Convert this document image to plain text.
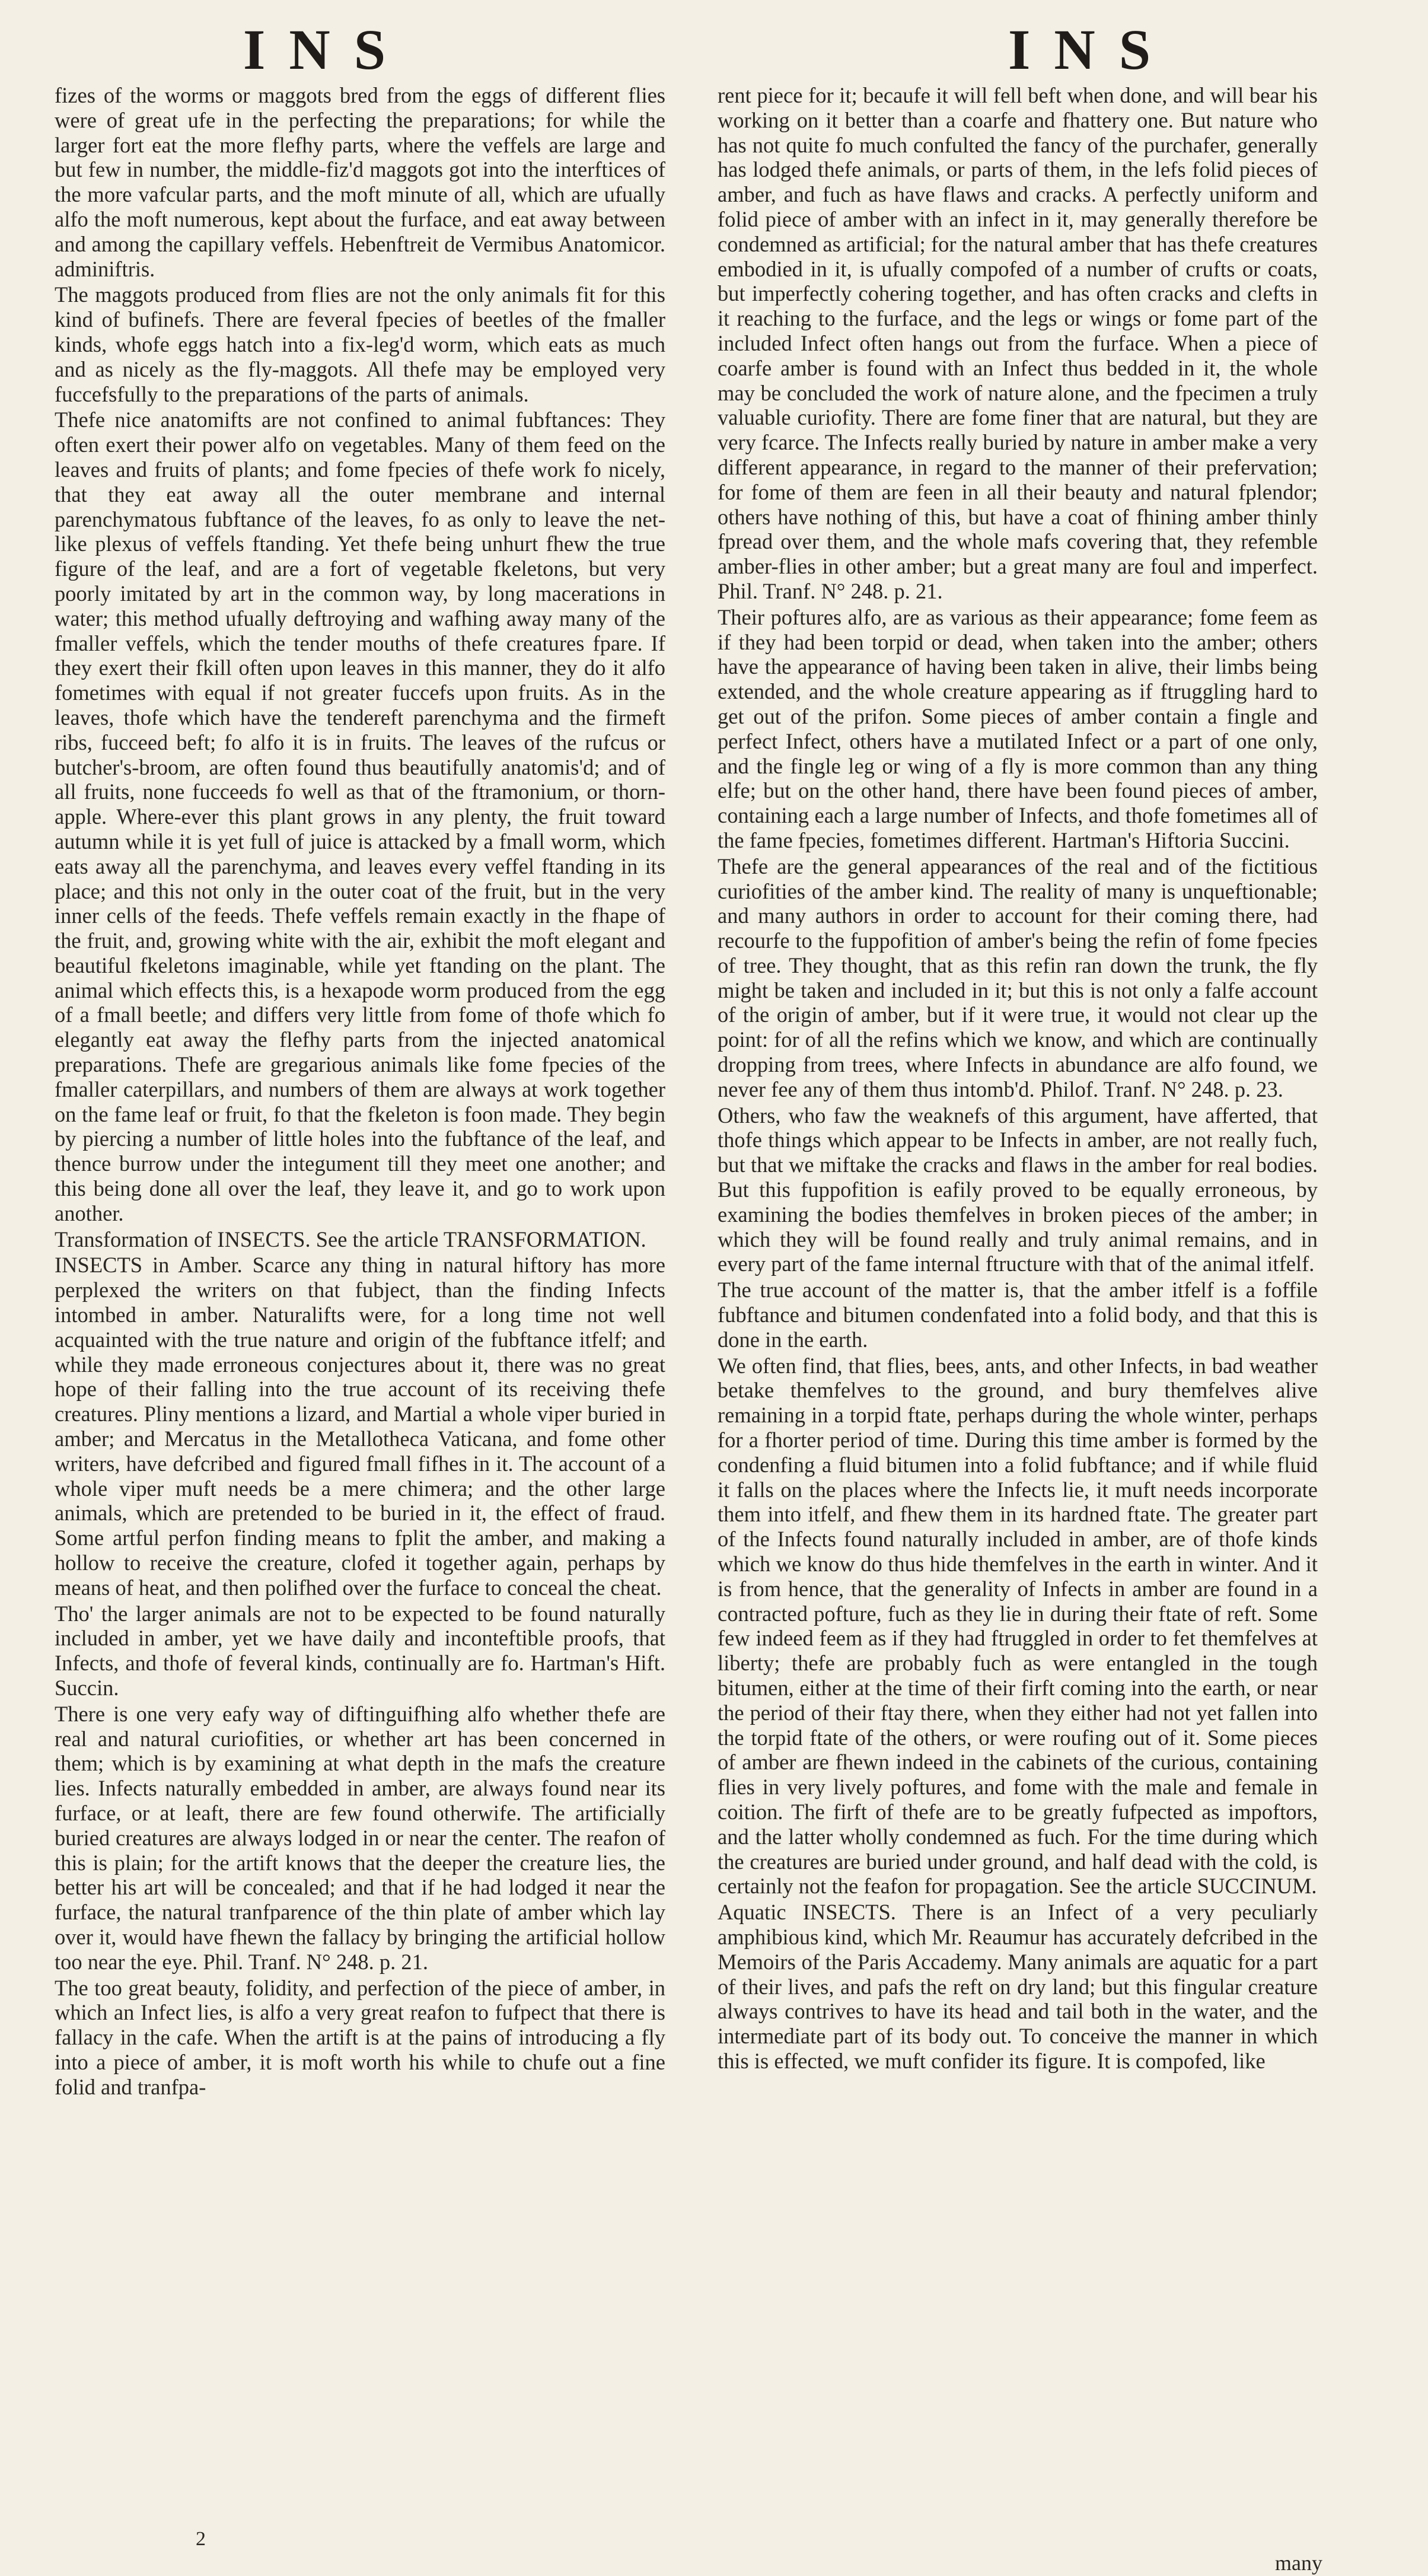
INS	INS

fizes of the worms or maggots bred from the eggs of different flies were of great ufe in the perfecting the preparations; for while the larger fort eat the more flefhy parts, where the veffels are large and but few in number, the middle-fiz'd maggots got into the interftices of the more vafcular parts, and the moft minute of all, which are ufually alfo the moft numerous, kept about the furface, and eat away between and among the capillary veffels. Hebenftreit de Vermibus Anatomicor. adminiftris.

The maggots produced from flies are not the only animals fit for this kind of bufinefs. There are feveral fpecies of beetles of the fmaller kinds, whofe eggs hatch into a fix-leg'd worm, which eats as much and as nicely as the fly-maggots. All thefe may be employed very fuccefsfully to the preparations of the parts of animals.

Thefe nice anatomifts are not confined to animal fubftances: They often exert their power alfo on vegetables. Many of them feed on the leaves and fruits of plants; and fome fpecies of thefe work fo nicely, that they eat away all the outer membrane and internal parenchymatous fubftance of the leaves, fo as only to leave the net-like plexus of veffels ftanding. Yet thefe being unhurt fhew the true figure of the leaf, and are a fort of vegetable fkeletons, but very poorly imitated by art in the common way, by long macerations in water; this method ufually deftroying and wafhing away many of the fmaller veffels, which the tender mouths of thefe creatures fpare. If they exert their fkill often upon leaves in this manner, they do it alfo fometimes with equal if not greater fuccefs upon fruits. As in the leaves, thofe which have the tendereft parenchyma and the firmeft ribs, fucceed beft; fo alfo it is in fruits. The leaves of the rufcus or butcher's-broom, are often found thus beautifully anatomis'd; and of all fruits, none fucceeds fo well as that of the ftramonium, or thorn-apple. Where-ever this plant grows in any plenty, the fruit toward autumn while it is yet full of juice is attacked by a fmall worm, which eats away all the parenchyma, and leaves every veffel ftanding in its place; and this not only in the outer coat of the fruit, but in the very inner cells of the feeds. Thefe veffels remain exactly in the fhape of the fruit, and, growing white with the air, exhibit the moft elegant and beautiful fkeletons imaginable, while yet ftanding on the plant. The animal which effects this, is a hexapode worm produced from the egg of a fmall beetle; and differs very little from fome of thofe which fo elegantly eat away the flefhy parts from the injected anatomical preparations. Thefe are gregarious animals like fome fpecies of the fmaller caterpillars, and numbers of them are always at work together on the fame leaf or fruit, fo that the fkeleton is foon made. They begin by piercing a number of little holes into the fubftance of the leaf, and thence burrow under the integument till they meet one another; and this being done all over the leaf, they leave it, and go to work upon another.

Transformation of INSECTS. See the article TRANSFORMATION.

INSECTS in Amber. Scarce any thing in natural hiftory has more perplexed the writers on that fubject, than the finding Infects intombed in amber. Naturalifts were, for a long time not well acquainted with the true nature and origin of the fubftance itfelf; and while they made erroneous conjectures about it, there was no great hope of their falling into the true account of its receiving thefe creatures. Pliny mentions a lizard, and Martial a whole viper buried in amber; and Mercatus in the Metallotheca Vaticana, and fome other writers, have defcribed and figured fmall fifhes in it. The account of a whole viper muft needs be a mere chimera; and the other large animals, which are pretended to be buried in it, the effect of fraud. Some artful perfon finding means to fplit the amber, and making a hollow to receive the creature, clofed it together again, perhaps by means of heat, and then polifhed over the furface to conceal the cheat.

Tho' the larger animals are not to be expected to be found naturally included in amber, yet we have daily and inconteftible proofs, that Infects, and thofe of feveral kinds, continually are fo. Hartman's Hift. Succin.

There is one very eafy way of diftinguifhing alfo whether thefe are real and natural curiofities, or whether art has been concerned in them; which is by examining at what depth in the mafs the creature lies. Infects naturally embedded in amber, are always found near its furface, or at leaft, there are few found otherwife. The artificially buried creatures are always lodged in or near the center. The reafon of this is plain; for the artift knows that the deeper the creature lies, the better his art will be concealed; and that if he had lodged it near the furface, the natural tranfparence of the thin plate of amber which lay over it, would have fhewn the fallacy by bringing the artificial hollow too near the eye. Phil. Tranf. N° 248. p. 21.

The too great beauty, folidity, and perfection of the piece of amber, in which an Infect lies, is alfo a very great reafon to fufpect that there is fallacy in the cafe. When the artift is at the pains of introducing a fly into a piece of amber, it is moft worth his while to chufe out a fine folid and tranfpa-

rent piece for it; becaufe it will fell beft when done, and will bear his working on it better than a coarfe and fhattery one. But nature who has not quite fo much confulted the fancy of the purchafer, generally has lodged thefe animals, or parts of them, in the lefs folid pieces of amber, and fuch as have flaws and cracks. A perfectly uniform and folid piece of amber with an infect in it, may generally therefore be condemned as artificial; for the natural amber that has thefe creatures embodied in it, is ufually compofed of a number of crufts or coats, but imperfectly cohering together, and has often cracks and clefts in it reaching to the furface, and the legs or wings or fome part of the included Infect often hangs out from the furface. When a piece of coarfe amber is found with an Infect thus bedded in it, the whole may be concluded the work of nature alone, and the fpecimen a truly valuable curiofity. There are fome finer that are natural, but they are very fcarce. The Infects really buried by nature in amber make a very different appearance, in regard to the manner of their prefervation; for fome of them are feen in all their beauty and natural fplendor; others have nothing of this, but have a coat of fhining amber thinly fpread over them, and the whole mafs covering that, they refemble amber-flies in other amber; but a great many are foul and imperfect. Phil. Tranf. N° 248. p. 21.

Their poftures alfo, are as various as their appearance; fome feem as if they had been torpid or dead, when taken into the amber; others have the appearance of having been taken in alive, their limbs being extended, and the whole creature appearing as if ftruggling hard to get out of the prifon. Some pieces of amber contain a fingle and perfect Infect, others have a mutilated Infect or a part of one only, and the fingle leg or wing of a fly is more common than any thing elfe; but on the other hand, there have been found pieces of amber, containing each a large number of Infects, and thofe fometimes all of the fame fpecies, fometimes different. Hartman's Hiftoria Succini.

Thefe are the general appearances of the real and of the fictitious curiofities of the amber kind. The reality of many is unqueftionable; and many authors in order to account for their coming there, had recourfe to the fuppofition of amber's being the refin of fome fpecies of tree. They thought, that as this refin ran down the trunk, the fly might be taken and included in it; but this is not only a falfe account of the origin of amber, but if it were true, it would not clear up the point: for of all the refins which we know, and which are continually dropping from trees, where Infects in abundance are alfo found, we never fee any of them thus intomb'd. Philof. Tranf. N° 248. p. 23.

Others, who faw the weaknefs of this argument, have afferted, that thofe things which appear to be Infects in amber, are not really fuch, but that we miftake the cracks and flaws in the amber for real bodies. But this fuppofition is eafily proved to be equally erroneous, by examining the bodies themfelves in broken pieces of the amber; in which they will be found really and truly animal remains, and in every part of the fame internal ftructure with that of the animal itfelf.

The true account of the matter is, that the amber itfelf is a foffile fubftance and bitumen condenfated into a folid body, and that this is done in the earth.

We often find, that flies, bees, ants, and other Infects, in bad weather betake themfelves to the ground, and bury themfelves alive remaining in a torpid ftate, perhaps during the whole winter, perhaps for a fhorter period of time. During this time amber is formed by the condenfing a fluid bitumen into a folid fubftance; and if while fluid it falls on the places where the Infects lie, it muft needs incorporate them into itfelf, and fhew them in its hardned ftate. The greater part of the Infects found naturally included in amber, are of thofe kinds which we know do thus hide themfelves in the earth in winter. And it is from hence, that the generality of Infects in amber are found in a contracted pofture, fuch as they lie in during their ftate of reft. Some few indeed feem as if they had ftruggled in order to fet themfelves at liberty; thefe are probably fuch as were entangled in the tough bitumen, either at the time of their firft coming into the earth, or near the period of their ftay there, when they either had not yet fallen into the torpid ftate of the others, or were roufing out of it. Some pieces of amber are fhewn indeed in the cabinets of the curious, containing flies in very lively poftures, and fome with the male and female in coition. The firft of thefe are to be greatly fufpected as impoftors, and the latter wholly condemned as fuch. For the time during which the creatures are buried under ground, and half dead with the cold, is certainly not the feafon for propagation. See the article SUCCINUM.

Aquatic INSECTS. There is an Infect of a very peculiarly amphibious kind, which Mr. Reaumur has accurately defcribed in the Memoirs of the Paris Accademy. Many animals are aquatic for a part of their lives, and pafs the reft on dry land; but this fingular creature always contrives to have its head and tail both in the water, and the intermediate part of its body out. To conceive the manner in which this is effected, we muft confider its figure. It is compofed, like

2
many
